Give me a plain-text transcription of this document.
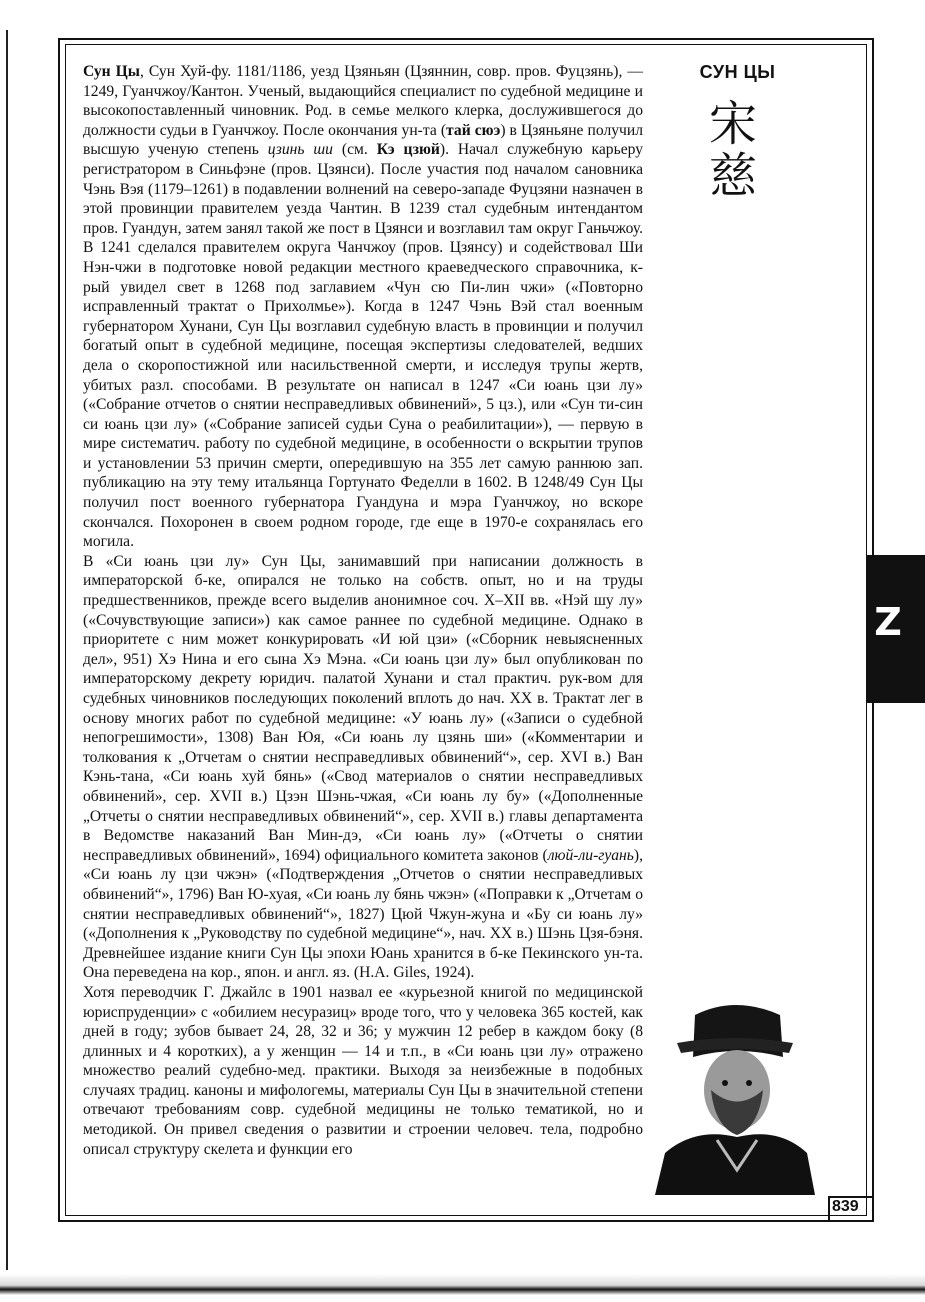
СУН ЦЫ
宋慈

Сун Цы, Сун Хуй-фу. 1181/1186, уезд Цзяньян (Цзяннин, совр. пров. Фуцзянь), — 1249, Гуанчжоу/Кантон. Ученый, выдающийся специалист по судебной медицине и высокопоставленный чиновник. Род. в семье мелкого клерка, дослужившегося до должности судьи в Гуанчжоу. После окончания ун-та (тай сюэ) в Цзяньяне получил высшую ученую степень цзинь ши (см. Кэ цзюй). Начал служебную карьеру регистратором в Синьфэне (пров. Цзянси). После участия под началом сановника Чэнь Вэя (1179–1261) в подавлении волнений на северо-западе Фуцзяни назначен в этой провинции правителем уезда Чантин. В 1239 стал судебным интендантом пров. Гуандун, затем занял такой же пост в Цзянси и возглавил там округ Ганьчжоу. В 1241 сделался правителем округа Чанчжоу (пров. Цзянсу) и содействовал Ши Нэн-чжи в подготовке новой редакции местного краеведческого справочника, к-рый увидел свет в 1268 под заглавием «Чун сю Пи-лин чжи» («Повторно исправленный трактат о Прихолмье»). Когда в 1247 Чэнь Вэй стал военным губернатором Хунани, Сун Цы возглавил судебную власть в провинции и получил богатый опыт в судебной медицине, посещая экспертизы следователей, ведших дела о скоропостижной или насильственной смерти, и исследуя трупы жертв, убитых разл. способами. В результате он написал в 1247 «Си юань цзи лу» («Собрание отчетов о снятии несправедливых обвинений», 5 цз.), или «Сун ти-син си юань цзи лу» («Собрание записей судьи Суна о реабилитации»), — первую в мире систематич. работу по судебной медицине, в особенности о вскрытии трупов и установлении 53 причин смерти, опередившую на 355 лет самую раннюю зап. публикацию на эту тему итальянца Гортунато Феделли в 1602. В 1248/49 Сун Цы получил пост военного губернатора Гуандуна и мэра Гуанчжоу, но вскоре скончался. Похоронен в своем родном городе, где еще в 1970-е сохранялась его могила.

В «Си юань цзи лу» Сун Цы, занимавший при написании должность в императорской б-ке, опирался не только на собств. опыт, но и на труды предшественников, прежде всего выделив анонимное соч. X–XII вв. «Нэй шу лу» («Сочувствующие записи») как самое раннее по судебной медицине. Однако в приоритете с ним может конкурировать «И юй цзи» («Сборник невыясненных дел», 951) Хэ Нина и его сына Хэ Мэна. «Си юань цзи лу» был опубликован по императорскому декрету юридич. палатой Хунани и стал практич. рук-вом для судебных чиновников последующих поколений вплоть до нач. XX в. Трактат лег в основу многих работ по судебной медицине: «У юань лу» («Записи о судебной непогрешимости», 1308) Ван Юя, «Си юань лу цзянь ши» («Комментарии и толкования к „Отчетам о снятии несправедливых обвинений“», сер. XVI в.) Ван Кэнь-тана, «Си юань хуй бянь» («Свод материалов о снятии несправедливых обвинений», сер. XVII в.) Цзэн Шэнь-чжая, «Си юань лу бу» («Дополненные „Отчеты о снятии несправедливых обвинений“», сер. XVII в.) главы департамента в Ведомстве наказаний Ван Мин-дэ, «Си юань лу» («Отчеты о снятии несправедливых обвинений», 1694) официального комитета законов (люй-ли-гуань), «Си юань лу цзи чжэн» («Подтверждения „Отчетов о снятии несправедливых обвинений“», 1796) Ван Ю-хуая, «Си юань лу бянь чжэн» («Поправки к „Отчетам о снятии несправедливых обвинений“», 1827) Цюй Чжун-жуна и «Бу си юань лу» («Дополнения к „Руководству по судебной медицине“», нач. XX в.) Шэнь Цзя-бэня. Древнейшее издание книги Сун Цы эпохи Юань хранится в б-ке Пекинского ун-та. Она переведена на кор., япон. и англ. яз. (H.A. Giles, 1924).

Хотя переводчик Г. Джайлс в 1901 назвал ее «курьезной книгой по медицинской юриспруденции» с «обилием несуразиц» вроде того, что у человека 365 костей, как дней в году; зубов бывает 24, 28, 32 и 36; у мужчин 12 ребер в каждом боку (8 длинных и 4 коротких), а у женщин — 14 и т.п., в «Си юань цзи лу» отражено множество реалий судебно-мед. практики. Выходя за неизбежные в подобных случаях традиц. каноны и мифологемы, материалы Сун Цы в значительной степени отвечают требованиям совр. судебной медицины не только тематикой, но и методикой. Он привел сведения о развитии и строении человеч. тела, подробно описал структуру скелета и функции его

Z
839
